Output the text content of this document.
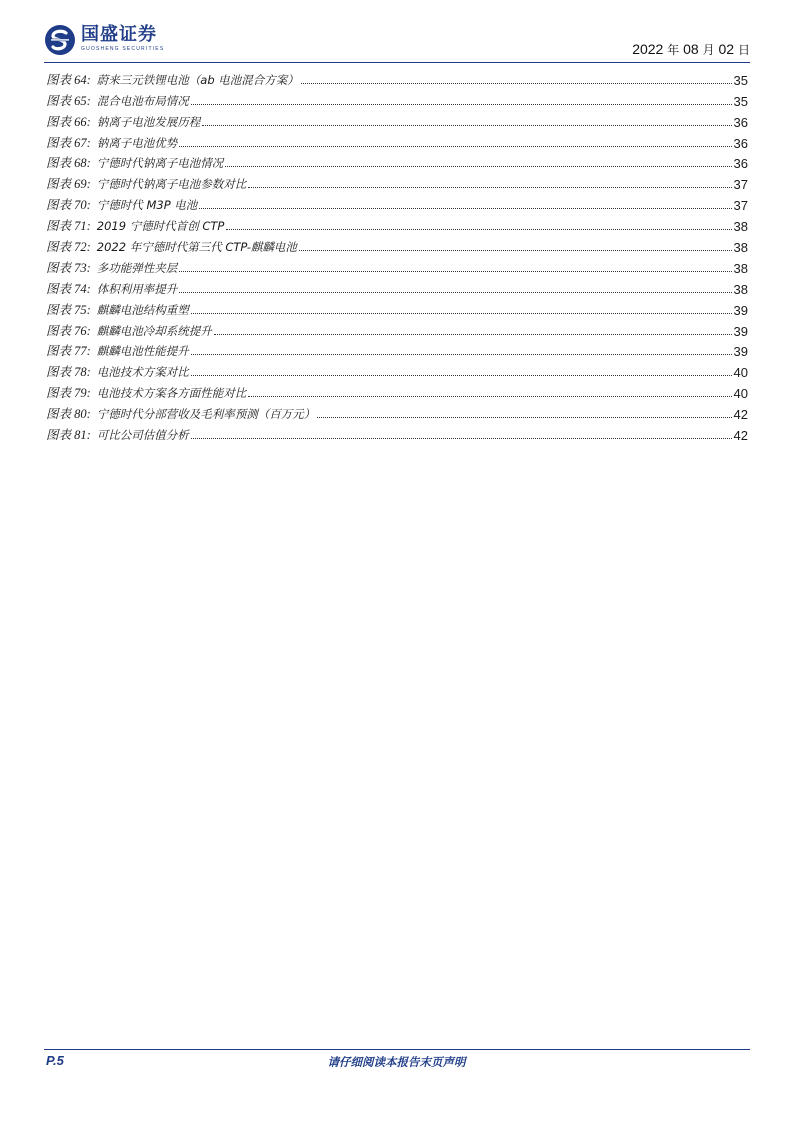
国盛证券
GUOSHENG SECURITIES	2022 年 08 月 02 日
图表 64: 蔚来三元铁锂电池（ab 电池混合方案）	35
图表 65: 混合电池布局情况	35
图表 66: 钠离子电池发展历程	36
图表 67: 钠离子电池优势	36
图表 68: 宁德时代钠离子电池情况	36
图表 69: 宁德时代钠离子电池参数对比	37
图表 70: 宁德时代 M3P 电池	37
图表 71: 2019 宁德时代首创 CTP	38
图表 72: 2022 年宁德时代第三代 CTP-麒麟电池	38
图表 73: 多功能弹性夹层	38
图表 74: 体积利用率提升	38
图表 75: 麒麟电池结构重塑	39
图表 76: 麒麟电池冷却系统提升	39
图表 77: 麒麟电池性能提升	39
图表 78: 电池技术方案对比	40
图表 79: 电池技术方案各方面性能对比	40
图表 80: 宁德时代分部营收及毛利率预测（百万元）	42
图表 81: 可比公司估值分析	42
P.5	请仔细阅读本报告末页声明
